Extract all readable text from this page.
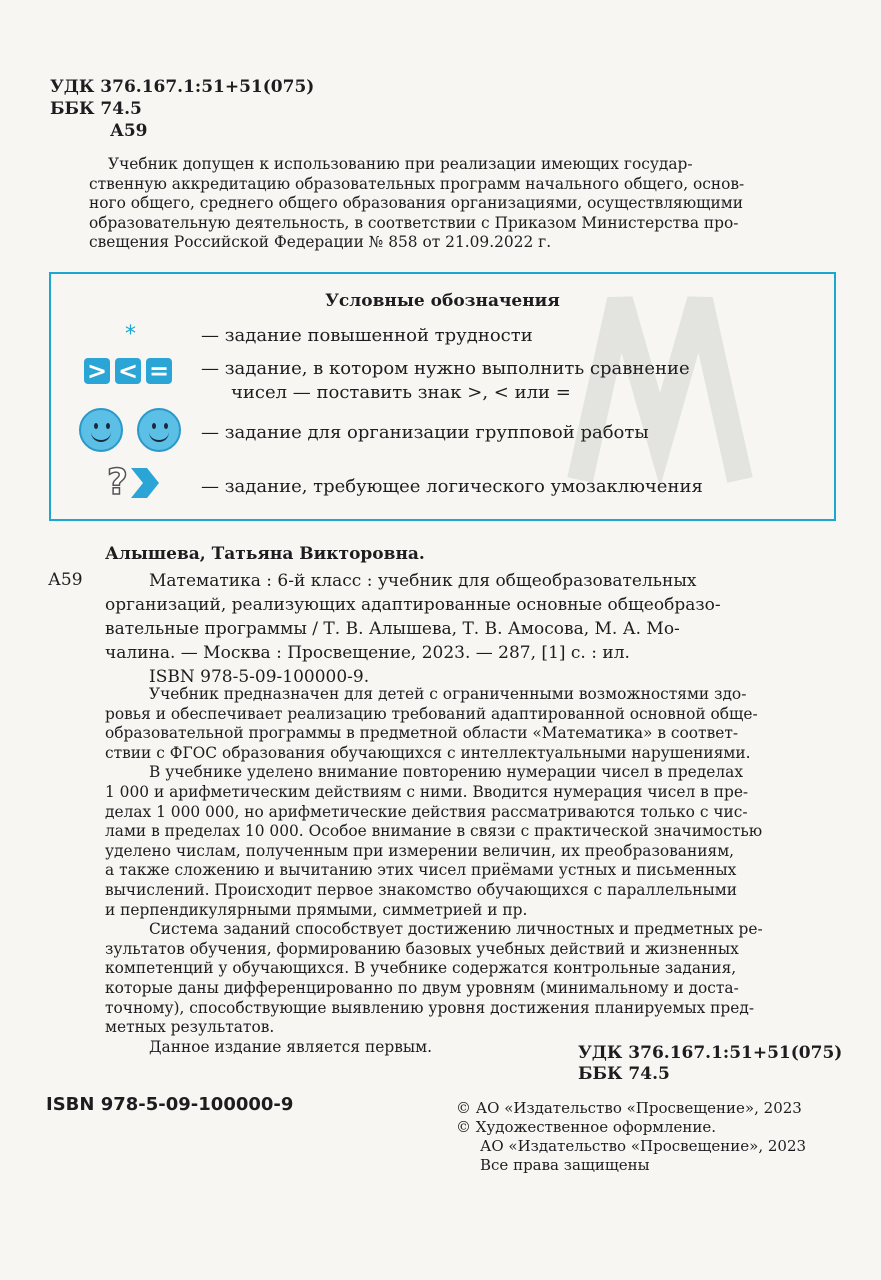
УДК 376.167.1:51+51(075)
ББК 74.5
А59
Учебник допущен к использованию при реализации имеющих государ-
ственную аккредитацию образовательных программ начального общего, основ-
ного общего, среднего общего образования организациями, осуществляющими
образовательную деятельность, в соответствии с Приказом Министерства про-
свещения Российской Федерации № 858 от 21.09.2022 г.
Условные обозначения
*	— задание повышенной трудности
> < = — задание, в котором нужно выполнить сравнение
чисел — поставить знак >, < или =
— задание для организации групповой работы
?	— задание, требующее логического умозаключения
Алышева, Татьяна Викторовна.
А59	Математика : 6-й класс : учебник для общеобразовательных
организаций, реализующих адаптированные основные общеобразо-
вательные программы / Т. В. Алышева, Т. В. Амосова, М. А. Мо-
чалина. — Москва : Просвещение, 2023. — 287, [1] с. : ил.
ISBN 978-5-09-100000-9.
Учебник предназначен для детей с ограниченными возможностями здо-
ровья и обеспечивает реализацию требований адаптированной основной обще-
образовательной программы в предметной области «Математика» в соответ-
ствии с ФГОС образования обучающихся с интеллектуальными нарушениями.
В учебнике уделено внимание повторению нумерации чисел в пределах
1 000 и арифметическим действиям с ними. Вводится нумерация чисел в пре-
делах 1 000 000, но арифметические действия рассматриваются только с чис-
лами в пределах 10 000. Особое внимание в связи с практической значимостью
уделено числам, полученным при измерении величин, их преобразованиям,
а также сложению и вычитанию этих чисел приёмами устных и письменных
вычислений. Происходит первое знакомство обучающихся с параллельными
и перпендикулярными прямыми, симметрией и пр.
Система заданий способствует достижению личностных и предметных ре-
зультатов обучения, формированию базовых учебных действий и жизненных
компетенций у обучающихся. В учебнике содержатся контрольные задания,
которые даны дифференцированно по двум уровням (минимальному и доста-
точному), способствующие выявлению уровня достижения планируемых пред-
метных результатов.
Данное издание является первым.	УДК 376.167.1:51+51(075)
ББК 74.5
ISBN 978-5-09-100000-9	© АО «Издательство «Просвещение», 2023
© Художественное оформление.
АО «Издательство «Просвещение», 2023
Все права защищены
